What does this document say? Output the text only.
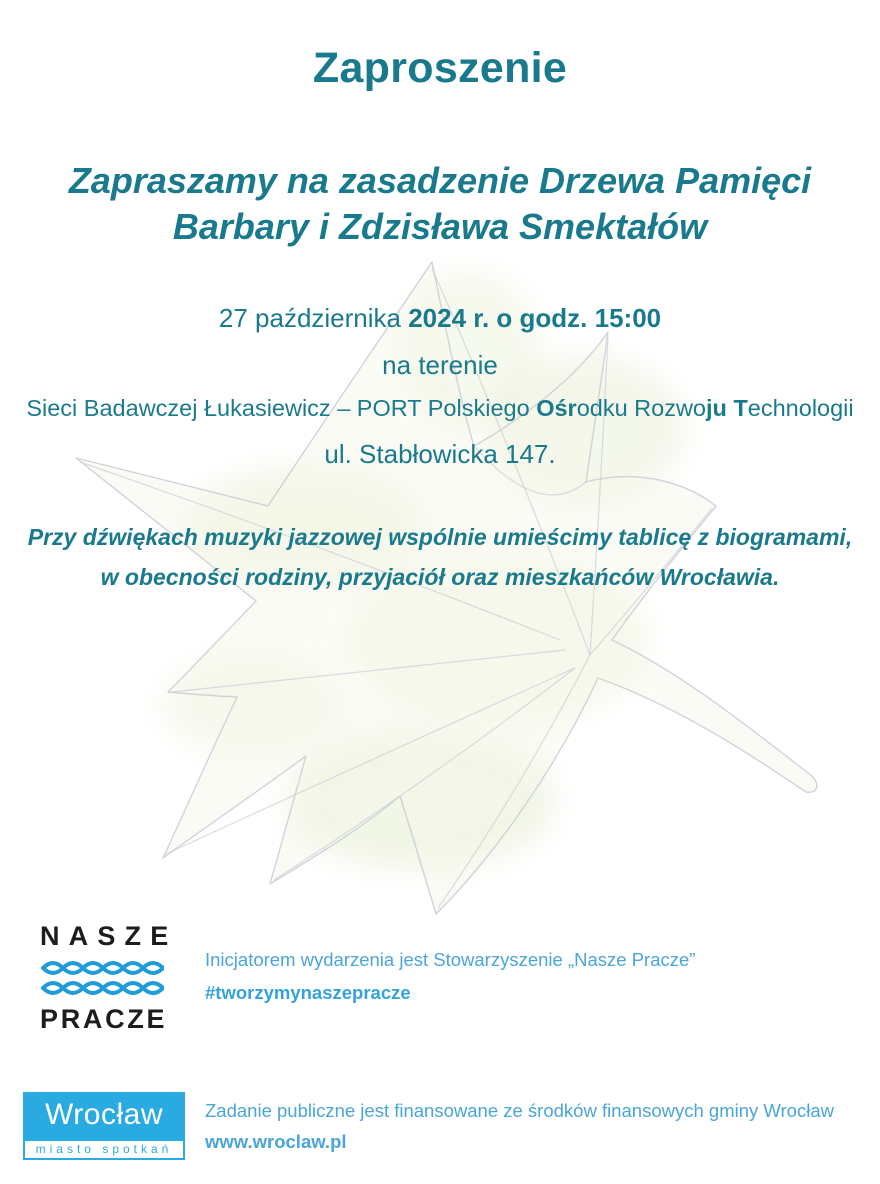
Zaproszenie
Zapraszamy na zasadzenie Drzewa Pamięci
Barbary i Zdzisława Smektałów
27 października 2024 r. o godz. 15:00
na terenie
Sieci Badawczej Łukasiewicz – PORT Polskiego Ośrodku Rozwoju Technologii
ul. Stabłowicka 147.
Przy dźwiękach muzyki jazzowej wspólnie umieścimy tablicę z biogramami,
w obecności rodziny, przyjaciół oraz mieszkańców Wrocławia.
NASZE
PRACZE
Inicjatorem wydarzenia jest Stowarzyszenie „Nasze Pracze”
#tworzymynaszepracze
Wrocław
miasto spotkań
Zadanie publiczne jest finansowane ze środków finansowych gminy Wrocław
www.wroclaw.pl
